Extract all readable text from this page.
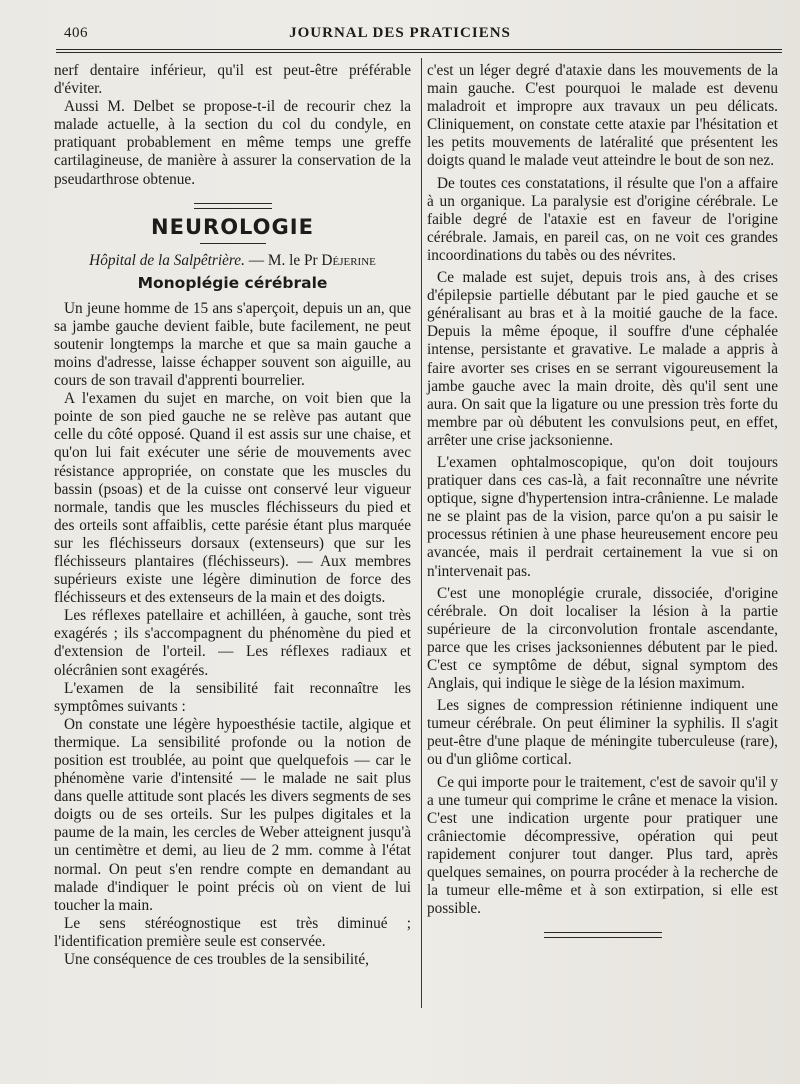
406	JOURNAL DES PRATICIENS

nerf dentaire inférieur, qu'il est peut-être préférable d'éviter.

Aussi M. Delbet se propose-t-il de recourir chez la malade actuelle, à la section du col du condyle, en pratiquant probablement en même temps une greffe cartilagineuse, de manière à assurer la conservation de la pseudarthrose obtenue.

NEUROLOGIE
Hôpital de la Salpêtrière. — M. le Pr Déjerine
Monoplégie cérébrale

Un jeune homme de 15 ans s'aperçoit, depuis un an, que sa jambe gauche devient faible, bute facilement, ne peut soutenir longtemps la marche et que sa main gauche a moins d'adresse, laisse échapper souvent son aiguille, au cours de son travail d'apprenti bourrelier.

A l'examen du sujet en marche, on voit bien que la pointe de son pied gauche ne se relève pas autant que celle du côté opposé. Quand il est assis sur une chaise, et qu'on lui fait exécuter une série de mouvements avec résistance appropriée, on constate que les muscles du bassin (psoas) et de la cuisse ont conservé leur vigueur normale, tandis que les muscles fléchisseurs du pied et des orteils sont affaiblis, cette parésie étant plus marquée sur les fléchisseurs dorsaux (extenseurs) que sur les fléchisseurs plantaires (fléchisseurs). — Aux membres supérieurs existe une légère diminution de force des fléchisseurs et des extenseurs de la main et des doigts.

Les réflexes patellaire et achilléen, à gauche, sont très exagérés ; ils s'accompagnent du phénomène du pied et d'extension de l'orteil. — Les réflexes radiaux et olécrânien sont exagérés.

L'examen de la sensibilité fait reconnaître les symptômes suivants :

On constate une légère hypoesthésie tactile, algique et thermique. La sensibilité profonde ou la notion de position est troublée, au point que quelquefois — car le phénomène varie d'intensité — le malade ne sait plus dans quelle attitude sont placés les divers segments de ses doigts ou de ses orteils. Sur les pulpes digitales et la paume de la main, les cercles de Weber atteignent jusqu'à un centimètre et demi, au lieu de 2 mm. comme à l'état normal. On peut s'en rendre compte en demandant au malade d'indiquer le point précis où on vient de lui toucher la main.

Le sens stéréognostique est très diminué ; l'identification première seule est conservée.

Une conséquence de ces troubles de la sensibilité,

c'est un léger degré d'ataxie dans les mouvements de la main gauche. C'est pourquoi le malade est devenu maladroit et impropre aux travaux un peu délicats. Cliniquement, on constate cette ataxie par l'hésitation et les petits mouvements de latéralité que présentent les doigts quand le malade veut atteindre le bout de son nez.

De toutes ces constatations, il résulte que l'on a affaire à un organique. La paralysie est d'origine cérébrale. Le faible degré de l'ataxie est en faveur de l'origine cérébrale. Jamais, en pareil cas, on ne voit ces grandes incoordinations du tabès ou des névrites.

Ce malade est sujet, depuis trois ans, à des crises d'épilepsie partielle débutant par le pied gauche et se généralisant au bras et à la moitié gauche de la face. Depuis la même époque, il souffre d'une céphalée intense, persistante et gravative. Le malade a appris à faire avorter ses crises en se serrant vigoureusement la jambe gauche avec la main droite, dès qu'il sent une aura. On sait que la ligature ou une pression très forte du membre par où débutent les convulsions peut, en effet, arrêter une crise jacksonienne.

L'examen ophtalmoscopique, qu'on doit toujours pratiquer dans ces cas-là, a fait reconnaître une névrite optique, signe d'hypertension intra-crânienne. Le malade ne se plaint pas de la vision, parce qu'on a pu saisir le processus rétinien à une phase heureusement encore peu avancée, mais il perdrait certainement la vue si on n'intervenait pas.

C'est une monoplégie crurale, dissociée, d'origine cérébrale. On doit localiser la lésion à la partie supérieure de la circonvolution frontale ascendante, parce que les crises jacksoniennes débutent par le pied. C'est ce symptôme de début, signal symptom des Anglais, qui indique le siège de la lésion maximum.

Les signes de compression rétinienne indiquent une tumeur cérébrale. On peut éliminer la syphilis. Il s'agit peut-être d'une plaque de méningite tuberculeuse (rare), ou d'un gliôme cortical.

Ce qui importe pour le traitement, c'est de savoir qu'il y a une tumeur qui comprime le crâne et menace la vision. C'est une indication urgente pour pratiquer une crâniectomie décompressive, opération qui peut rapidement conjurer tout danger. Plus tard, après quelques semaines, on pourra procéder à la recherche de la tumeur elle-même et à son extirpation, si elle est possible.
